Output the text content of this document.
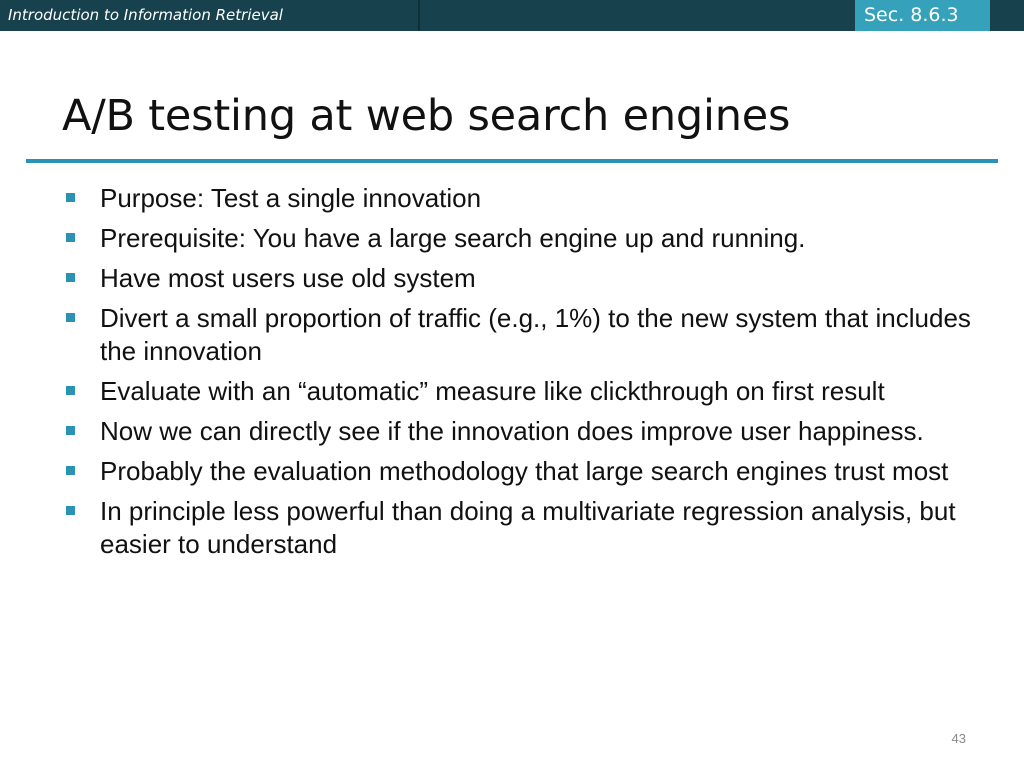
Introduction to Information Retrieval	Sec. 8.6.3
A/B testing at web search engines
Purpose: Test a single innovation
Prerequisite: You have a large search engine up and running.
Have most users use old system
Divert a small proportion of traffic (e.g., 1%) to the new system that includes the innovation
Evaluate with an “automatic” measure like clickthrough on first result
Now we can directly see if the innovation does improve user happiness.
Probably the evaluation methodology that large search engines trust most
In principle less powerful than doing a multivariate regression analysis, but easier to understand
43
